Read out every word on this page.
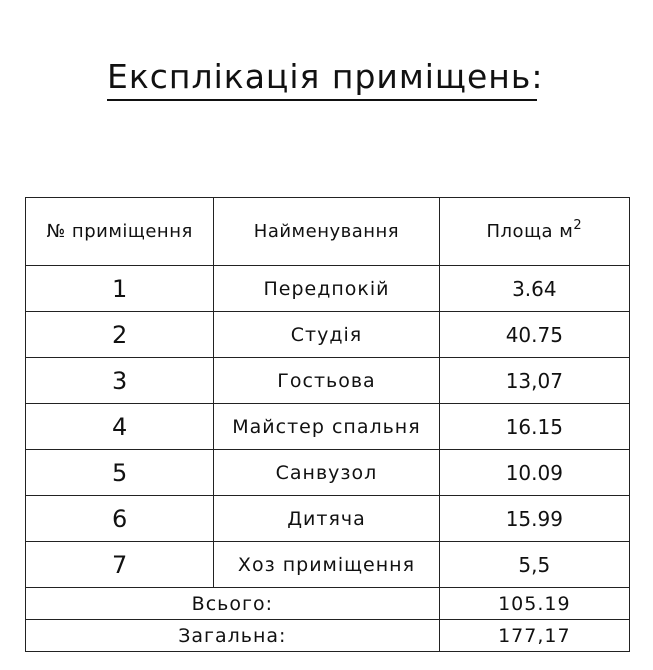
Експлікація приміщень:
№ приміщення	Найменування	Площа $м^2$
1	Передпокій	3.64
2	Студія	40.75
3	Гостьова	13,07
4	Майстер спальня	16.15
5	Санвузол	10.09
6	Дитяча	15.99
7	Хоз приміщення	5,5
Всього:		105.19
Загальна:		177,17
